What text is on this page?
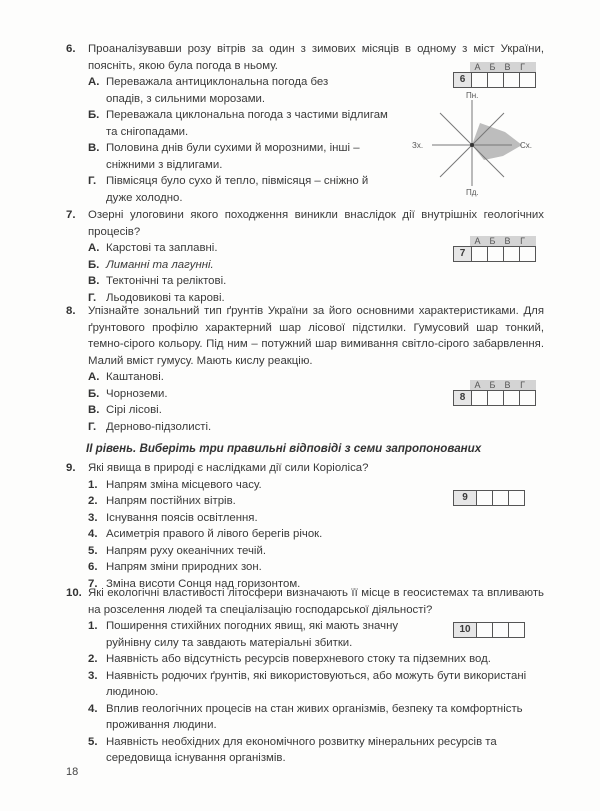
6.	Проаналізувавши розу вітрів за один з зимових місяців в одному з міст України, поясніть, якою була погода в ньому.
А. Переважала антициклональна погода без опадів, з сильними морозами.
Б. Переважала циклональна погода з частими відлигам та снігопадами.
В. Половина днів були сухими й морозними, інші – сніжними з відлигами.
Г. Півмісяця було сухо й тепло, півмісяця – сніжно й дуже холодно.
7.	Озерні улоговини якого походження виникли внаслідок дії внутрішніх геологічних процесів?
А. Карстові та заплавні.
Б. Лиманні та лагунні.
В. Тектонічні та реліктові.
Г. Льодовикові та карові.
8.	Упізнайте зональний тип ґрунтів України за його основними характеристиками. Для ґрунтового профілю характерний шар лісової підстилки. Гумусовий шар тонкий, темно-сірого кольору. Під ним – потужний шар вимивання світло-сірого забарвлення. Малий вміст гумусу. Мають кислу реакцію.
А. Каштанові.
Б. Чорноземи.
В. Сірі лісові.
Г. Дерново-підзолисті.
ІІ рівень. Виберіть три правильні відповіді з семи запропонованих
9.	Які явища в природі є наслідками дії сили Коріоліса?
1. Напрям зміна місцевого часу.
2. Напрям постійних вітрів.
3. Існування поясів освітлення.
4. Асиметрія правого й лівого берегів річок.
5. Напрям руху океанічних течій.
6. Напрям зміни природних зон.
7. Зміна висоти Сонця над горизонтом.
10. Які екологічні властивості літосфери визначають її місце в геосистемах та впливають на розселення людей та спеціалізацію господарської діяльності?
1. Поширення стихійних погодних явищ, які мають значну руйнівну силу та завдають матеріальні збитки.
2. Наявність або відсутність ресурсів поверхневого стоку та підземних вод.
3. Наявність родючих ґрунтів, які використовуються, або можуть бути використані людиною.
4. Вплив геологічних процесів на стан живих організмів, безпеку та комфортність проживання людини.
5. Наявність необхідних для економічного розвитку мінеральних ресурсів та середовища існування організмів.
А	Б	В	Г
6
А	Б	В	Г
7
А	Б	В	Г
8
9
10
Пн.
Пд.
Зх.	Сх.
18
